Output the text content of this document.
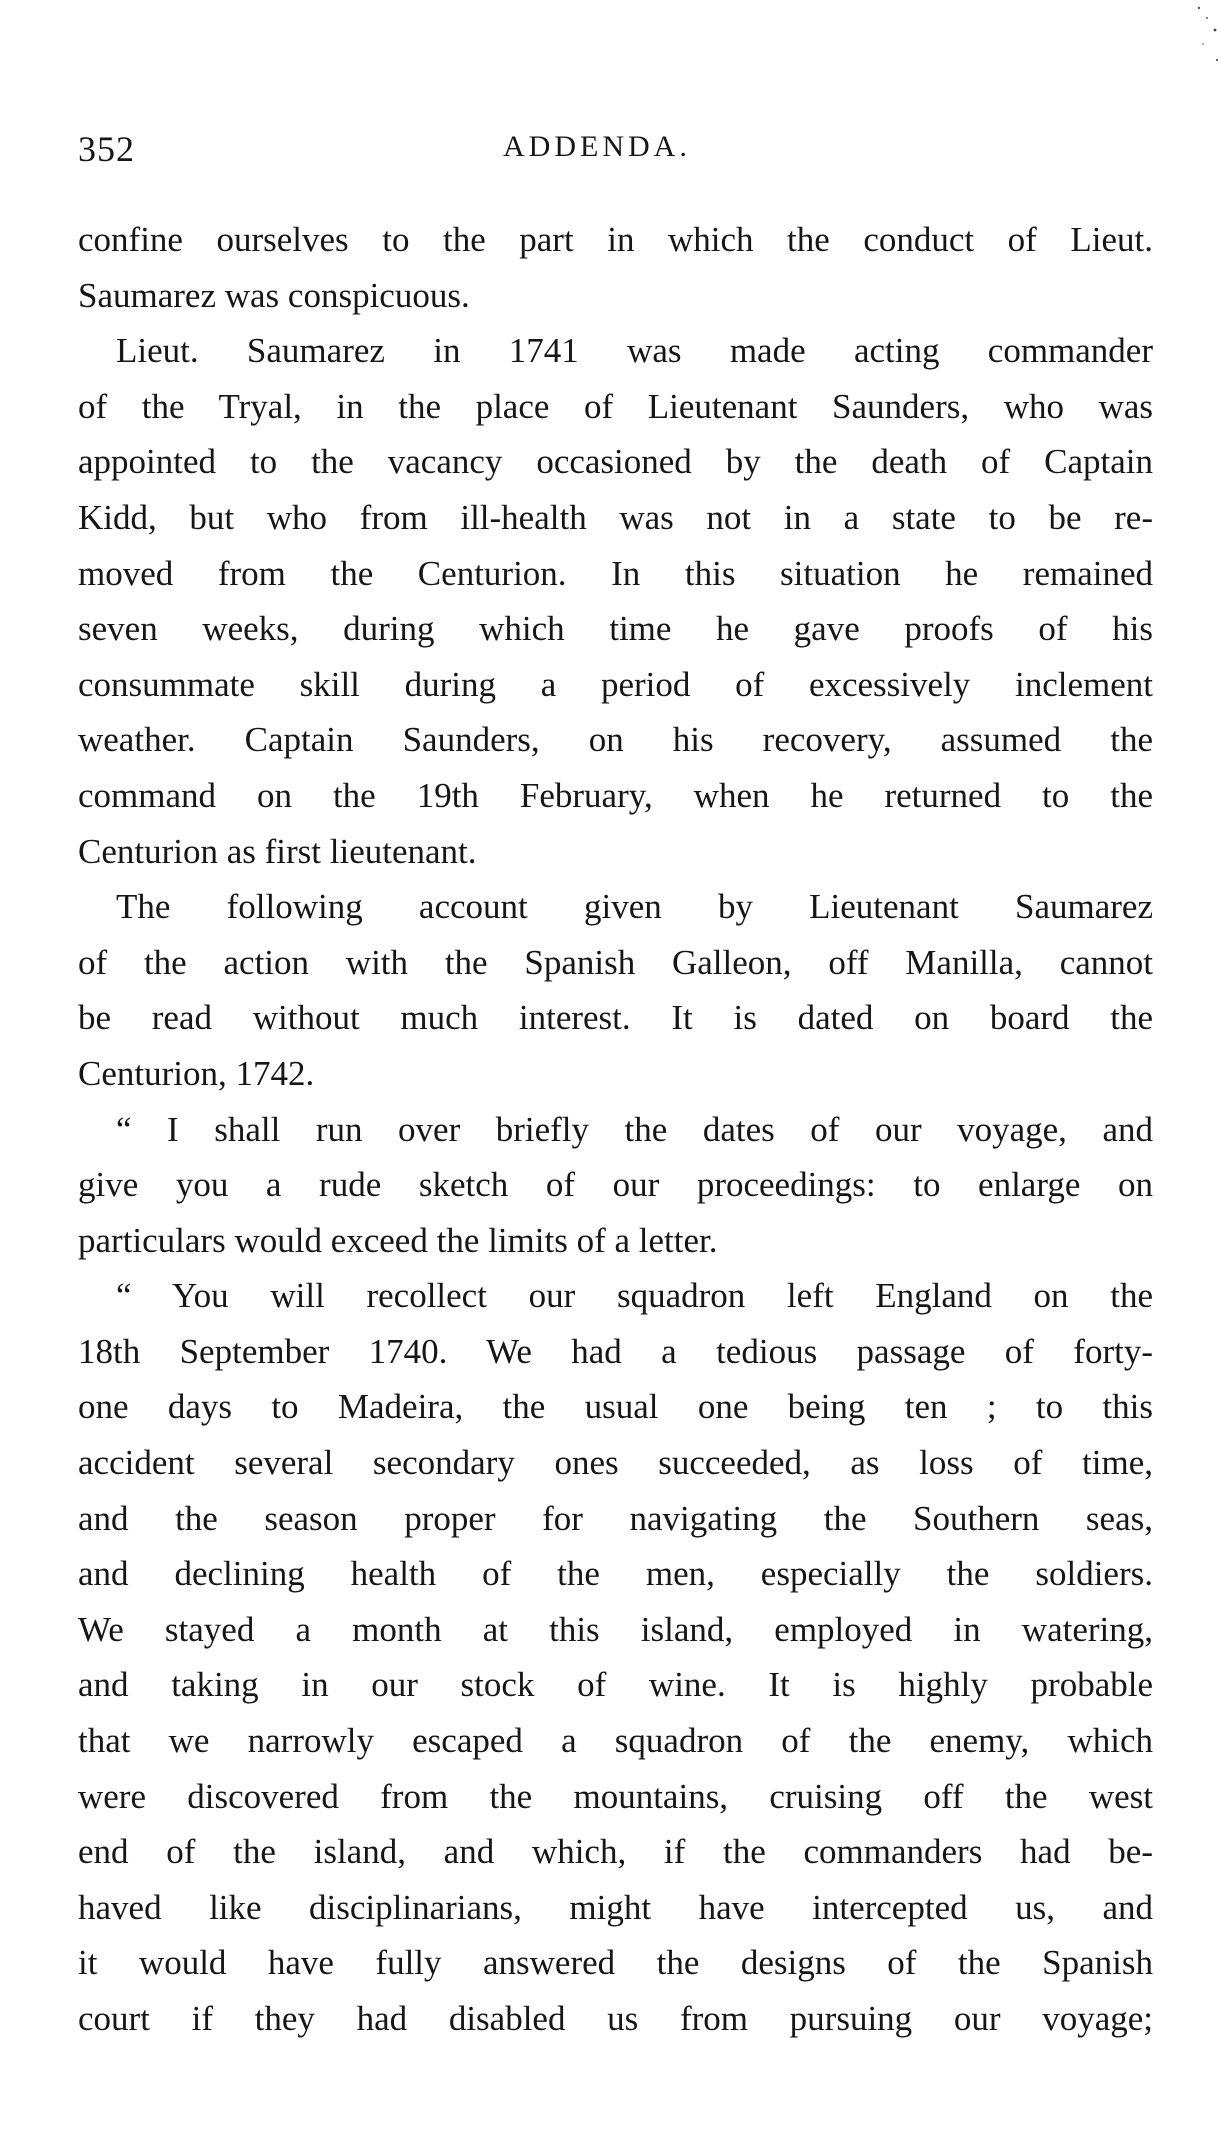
352	ADDENDA.
confine ourselves to the part in which the conduct of Lieut.
Saumarez was conspicuous.
Lieut. Saumarez in 1741 was made acting commander
of the Tryal, in the place of Lieutenant Saunders, who was
appointed to the vacancy occasioned by the death of Captain
Kidd, but who from ill-health was not in a state to be re-
moved from the Centurion. In this situation he remained
seven weeks, during which time he gave proofs of his
consummate skill during a period of excessively inclement
weather. Captain Saunders, on his recovery, assumed the
command on the 19th February, when he returned to the
Centurion as first lieutenant.
The following account given by Lieutenant Saumarez
of the action with the Spanish Galleon, off Manilla, cannot
be read without much interest. It is dated on board the
Centurion, 1742.
“ I shall run over briefly the dates of our voyage, and
give you a rude sketch of our proceedings: to enlarge on
particulars would exceed the limits of a letter.
“ You will recollect our squadron left England on the
18th September 1740. We had a tedious passage of forty-
one days to Madeira, the usual one being ten ; to this
accident several secondary ones succeeded, as loss of time,
and the season proper for navigating the Southern seas,
and declining health of the men, especially the soldiers.
We stayed a month at this island, employed in watering,
and taking in our stock of wine. It is highly probable
that we narrowly escaped a squadron of the enemy, which
were discovered from the mountains, cruising off the west
end of the island, and which, if the commanders had be-
haved like disciplinarians, might have intercepted us, and
it would have fully answered the designs of the Spanish
court if they had disabled us from pursuing our voyage;
